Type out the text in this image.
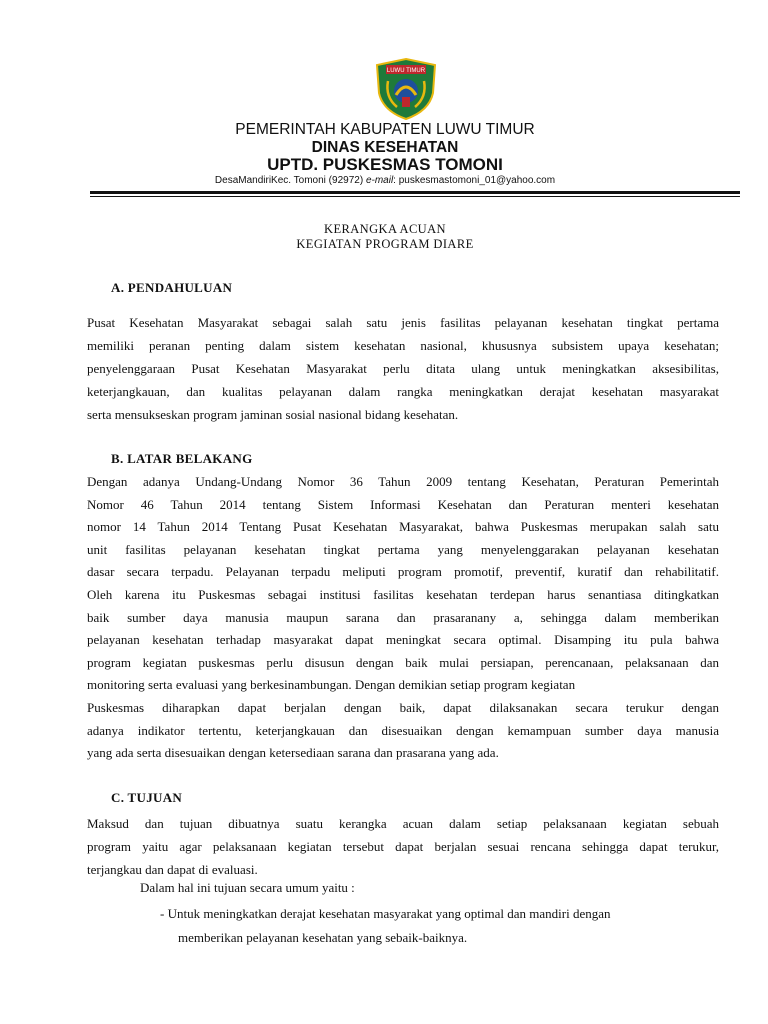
LUWU TIMUR
PEMERINTAH KABUPATEN LUWU TIMUR
DINAS KESEHATAN
UPTD. PUSKESMAS TOMONI
DesaMandiriKec. Tomoni (92972) e-mail: puskesmastomoni_01@yahoo.com
KERANGKA ACUAN
KEGIATAN PROGRAM DIARE
A. PENDAHULUAN
Pusat Kesehatan Masyarakat sebagai salah satu jenis fasilitas pelayanan kesehatan tingkat pertama
memiliki peranan penting dalam sistem kesehatan nasional, khususnya subsistem upaya kesehatan;
penyelenggaraan Pusat Kesehatan Masyarakat perlu ditata ulang untuk meningkatkan aksesibilitas,
keterjangkauan, dan kualitas pelayanan dalam rangka meningkatkan derajat kesehatan masyarakat
serta mensukseskan program jaminan sosial nasional bidang kesehatan.
B. LATAR BELAKANG
Dengan adanya Undang-Undang Nomor 36 Tahun 2009 tentang Kesehatan, Peraturan Pemerintah
Nomor 46 Tahun 2014 tentang Sistem Informasi Kesehatan dan Peraturan menteri kesehatan
nomor 14 Tahun 2014 Tentang Pusat Kesehatan Masyarakat, bahwa Puskesmas merupakan salah satu
unit fasilitas pelayanan kesehatan tingkat pertama yang menyelenggarakan pelayanan kesehatan
dasar secara terpadu. Pelayanan terpadu meliputi program promotif, preventif, kuratif dan rehabilitatif.
Oleh karena itu Puskesmas sebagai institusi fasilitas kesehatan terdepan harus senantiasa ditingkatkan
baik sumber daya manusia maupun sarana dan prasaranany a, sehingga dalam memberikan
pelayanan kesehatan terhadap masyarakat dapat meningkat secara optimal. Disamping itu pula bahwa
program kegiatan puskesmas perlu disusun dengan baik mulai persiapan, perencanaan, pelaksanaan dan
monitoring serta evaluasi yang berkesinambungan. Dengan demikian setiap program kegiatan
Puskesmas diharapkan dapat berjalan dengan baik, dapat dilaksanakan secara terukur dengan
adanya indikator tertentu, keterjangkauan dan disesuaikan dengan kemampuan sumber daya manusia
yang ada serta disesuaikan dengan ketersediaan sarana dan prasarana yang ada.
C. TUJUAN
Maksud dan tujuan dibuatnya suatu kerangka acuan dalam setiap pelaksanaan kegiatan sebuah
program yaitu agar pelaksanaan kegiatan tersebut dapat berjalan sesuai rencana sehingga dapat terukur,
terjangkau dan dapat di evaluasi.
Dalam hal ini tujuan secara umum yaitu :
- Untuk meningkatkan derajat kesehatan masyarakat yang optimal dan mandiri dengan
memberikan pelayanan kesehatan yang sebaik-baiknya.
